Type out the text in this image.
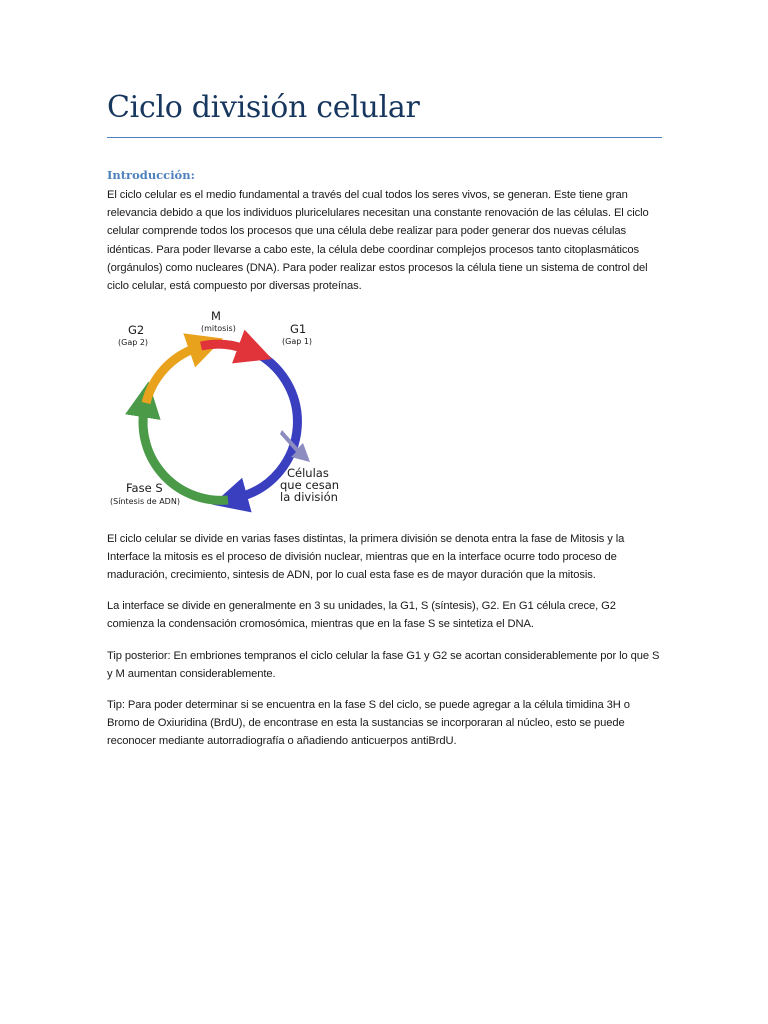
Ciclo división celular
Introducción:

El ciclo celular es el medio fundamental a través del cual todos los seres vivos, se generan. Este tiene gran relevancia debido a que los individuos pluricelulares necesitan una constante renovación de las células. El ciclo celular comprende todos los procesos que una célula debe realizar para poder generar dos nuevas células idénticas. Para poder llevarse a cabo este, la célula debe coordinar complejos procesos tanto citoplasmáticos (orgánulos) como nucleares (DNA). Para poder realizar estos procesos la célula tiene un sistema de control del ciclo celular, está compuesto por diversas proteínas.

M
(mitosis)	G1
(Gap 1)
G2
(Gap 2)
Fase S
(Síntesis de ADN)
Células
que cesan
la división

El ciclo celular se divide en varias fases distintas, la primera división se denota entra la fase de Mitosis y la Interface la mitosis es el proceso de división nuclear, mientras que en la interface ocurre todo proceso de maduración, crecimiento, sintesis de ADN, por lo cual esta fase es de mayor duración que la mitosis.

La interface se divide en generalmente en 3 su unidades, la G1, S (síntesis), G2. En G1 célula crece, G2 comienza la condensación cromosómica, mientras que en la fase S se sintetiza el DNA.

Tip posterior: En embriones tempranos el ciclo celular la fase G1 y G2 se acortan considerablemente por lo que S y M aumentan considerablemente.

Tip: Para poder determinar si se encuentra en la fase S del ciclo, se puede agregar a la célula timidina 3H o Bromo de Oxiuridina (BrdU), de encontrase en esta la sustancias se incorporaran al núcleo, esto se puede reconocer mediante autorradiografía o añadiendo anticuerpos antiBrdU.
